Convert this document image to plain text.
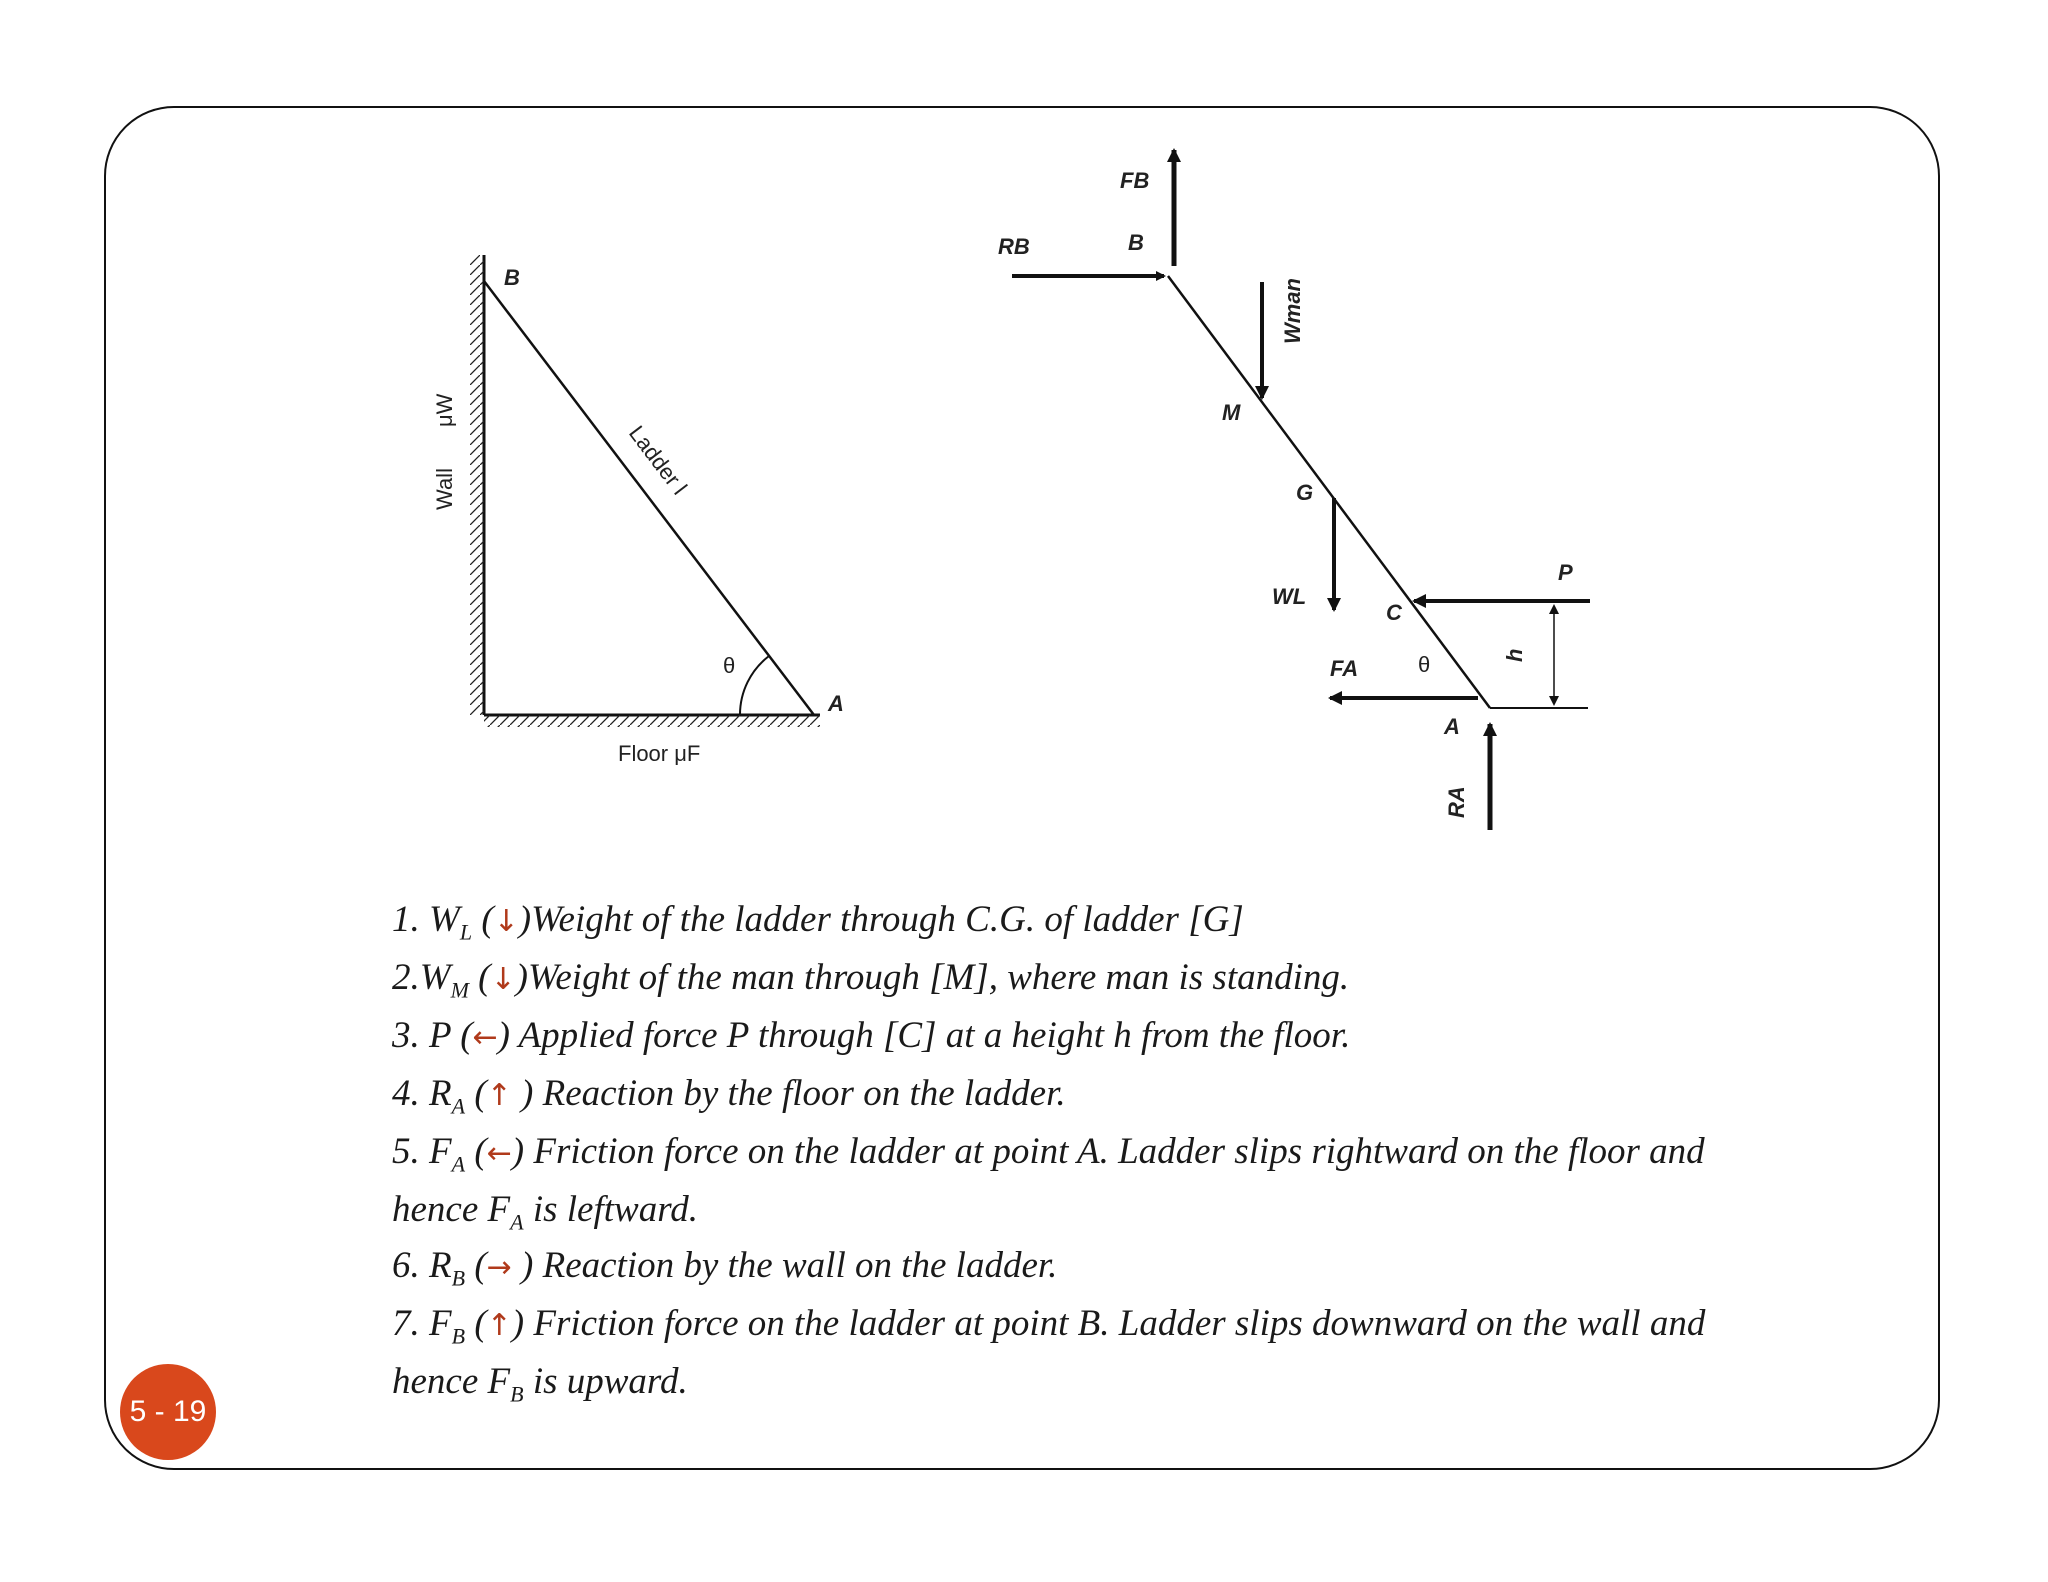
B
A
θ
Wall
μW
Ladder l
Floor μF
FB
RB	B
Wman
M
G
WL
C
P
h
FA	θ
A
RA

1. $W_L$ (↓)Weight of the ladder through C.G. of ladder [G]

$2.W_M$ (↓)Weight of the man through [M], where man is standing.

3. P (←) Applied force P through [C] at a height h from the floor.

4. $R_A$ (↑ ) Reaction by the floor on the ladder.

5. $F_A$ (←) Friction force on the ladder at point A. Ladder slips rightward on the floor and

hence $F_A$ is leftward.

6. $R_B$ (→ ) Reaction by the wall on the ladder.

7. $F_B$ (↑) Friction force on the ladder at point B. Ladder slips downward on the wall and

hence $F_B$ is upward.

5 - 19
